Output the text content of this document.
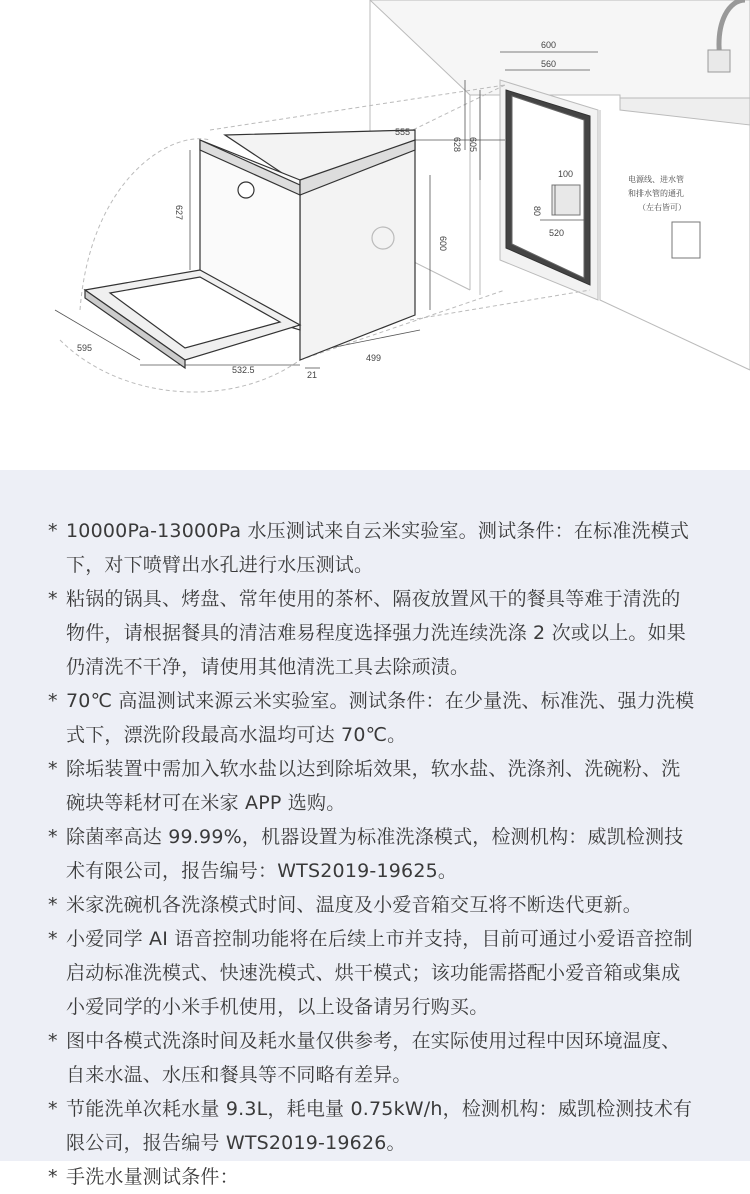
600
560
555
628 605
627
600
100
80
520
电源线、进水管
和排水管的通孔
（左右皆可）
595
532.5	21
499
* 10000Pa-13000Pa 水压测试来自云米实验室。测试条件：在标准洗模式下，对下喷臂出水孔进行水压测试。
* 粘锅的锅具、烤盘、常年使用的茶杯、隔夜放置风干的餐具等难于清洗的物件，请根据餐具的清洁难易程度选择强力洗连续洗涤 2 次或以上。如果仍清洗不干净，请使用其他清洗工具去除顽渍。
* 70℃ 高温测试来源云米实验室。测试条件：在少量洗、标准洗、强力洗模式下，漂洗阶段最高水温均可达 70℃。
* 除垢装置中需加入软水盐以达到除垢效果，软水盐、洗涤剂、洗碗粉、洗碗块等耗材可在米家 APP 选购。
* 除菌率高达 99.99%，机器设置为标准洗涤模式，检测机构：威凯检测技术有限公司，报告编号：WTS2019-19625。
* 米家洗碗机各洗涤模式时间、温度及小爱音箱交互将不断迭代更新。
* 小爱同学 AI 语音控制功能将在后续上市并支持，目前可通过小爱语音控制启动标准洗模式、快速洗模式、烘干模式；该功能需搭配小爱音箱或集成小爱同学的小米手机使用，以上设备请另行购买。
* 图中各模式洗涤时间及耗水量仅供参考，在实际使用过程中因环境温度、自来水温、水压和餐具等不同略有差异。
* 节能洗单次耗水量 9.3L，耗电量 0.75kW/h，检测机构：威凯检测技术有限公司，报告编号 WTS2019-19626。
* 手洗水量测试条件：
